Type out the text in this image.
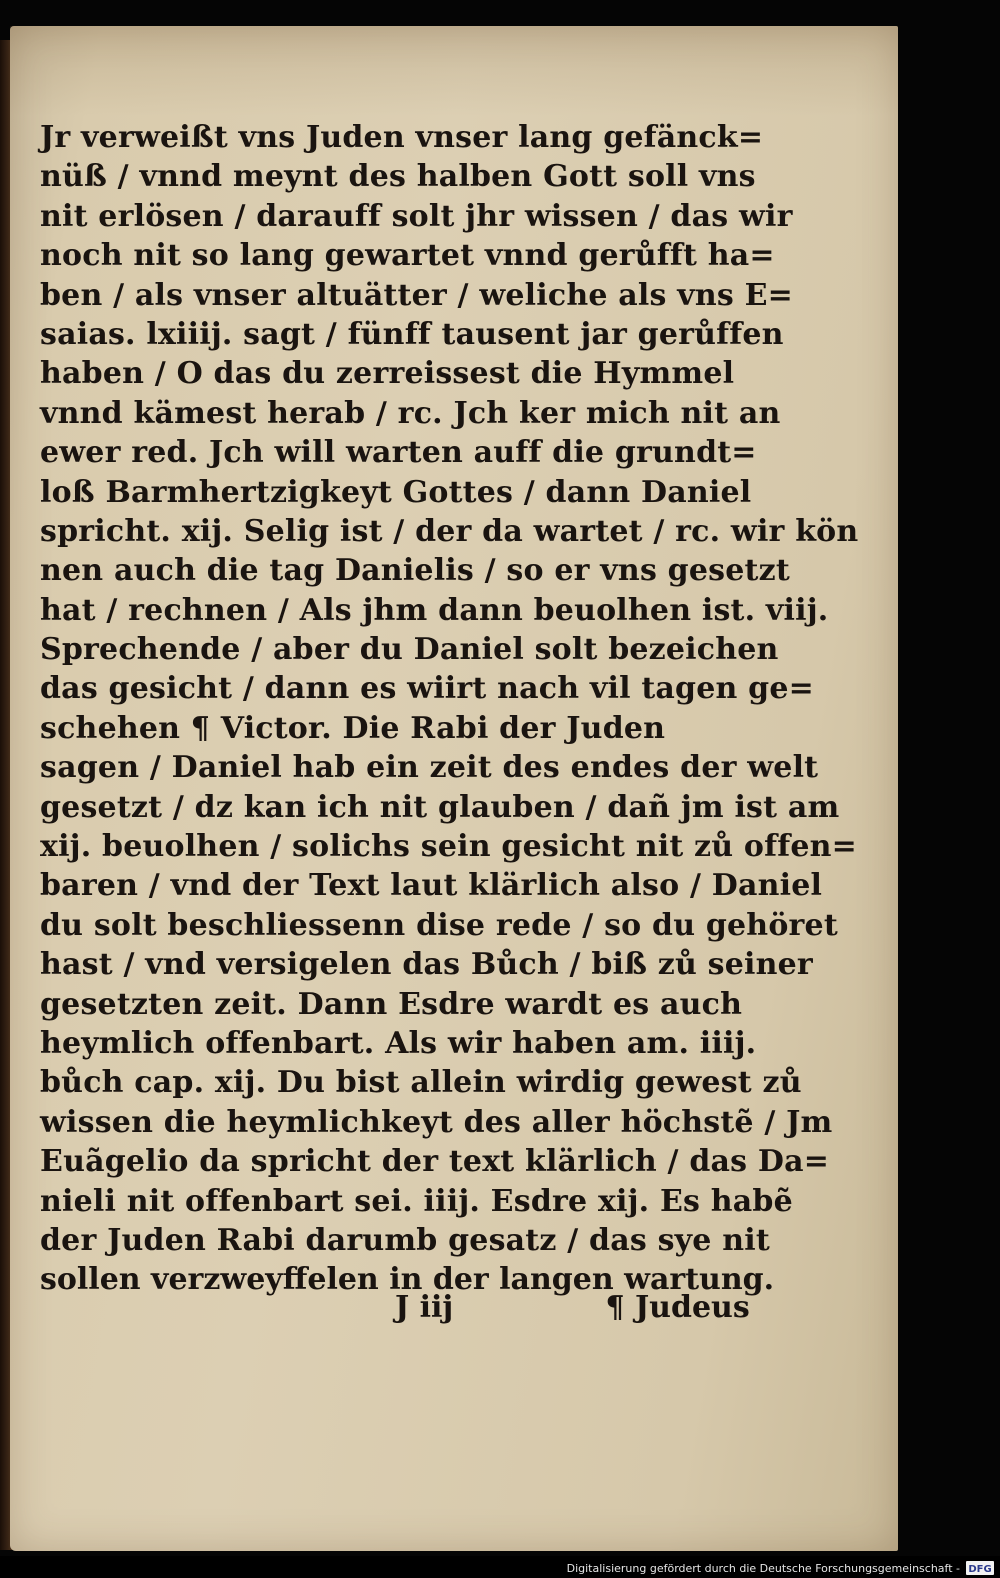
Jr verweißt vns Juden vnser lang gefänck=
nüß / vnnd meynt des halben Gott soll vns
nit erlösen / darauff solt jhr wissen / das wir
noch nit so lang gewartet vnnd gerůfft ha=
ben / als vnser altuätter / weliche als vns E=
saias. lxiiij. sagt / fünff tausent jar gerůffen
haben / O das du zerreissest die Hymmel
vnnd kämest herab / rc. Jch ker mich nit an
ewer red. Jch will warten auff die grundt=
loß Barmhertzigkeyt Gottes / dann Daniel
spricht. xij. Selig ist / der da wartet / rc. wir kön
nen auch die tag Danielis / so er vns gesetzt
hat / rechnen / Als jhm dann beuolhen ist. viij.
Sprechende / aber du Daniel solt bezeichen
das gesicht / dann es wiirt nach vil tagen ge=
schehen ¶ Victor. Die Rabi der Juden
sagen / Daniel hab ein zeit des endes der welt
gesetzt / dz kan ich nit glauben / dañ jm ist am
xij. beuolhen / solichs sein gesicht nit zů offen=
baren / vnd der Text laut klärlich also / Daniel
du solt beschliessenn dise rede / so du gehöret
hast / vnd versigelen das Bůch / biß zů seiner
gesetzten zeit. Dann Esdre wardt es auch
heymlich offenbart. Als wir haben am. iiij.
bůch cap. xij. Du bist allein wirdig gewest zů
wissen die heymlichkeyt des aller höchstẽ / Jm
Euãgelio da spricht der text klärlich / das Da=
nieli nit offenbart sei. iiij. Esdre xij. Es habẽ
der Juden Rabi darumb gesatz / das sye nit
sollen verzweyffelen in der langen wartung.
J iij	¶ Judeus
Digitalisierung gefördert durch die Deutsche Forschungsgemeinschaft - DFG
